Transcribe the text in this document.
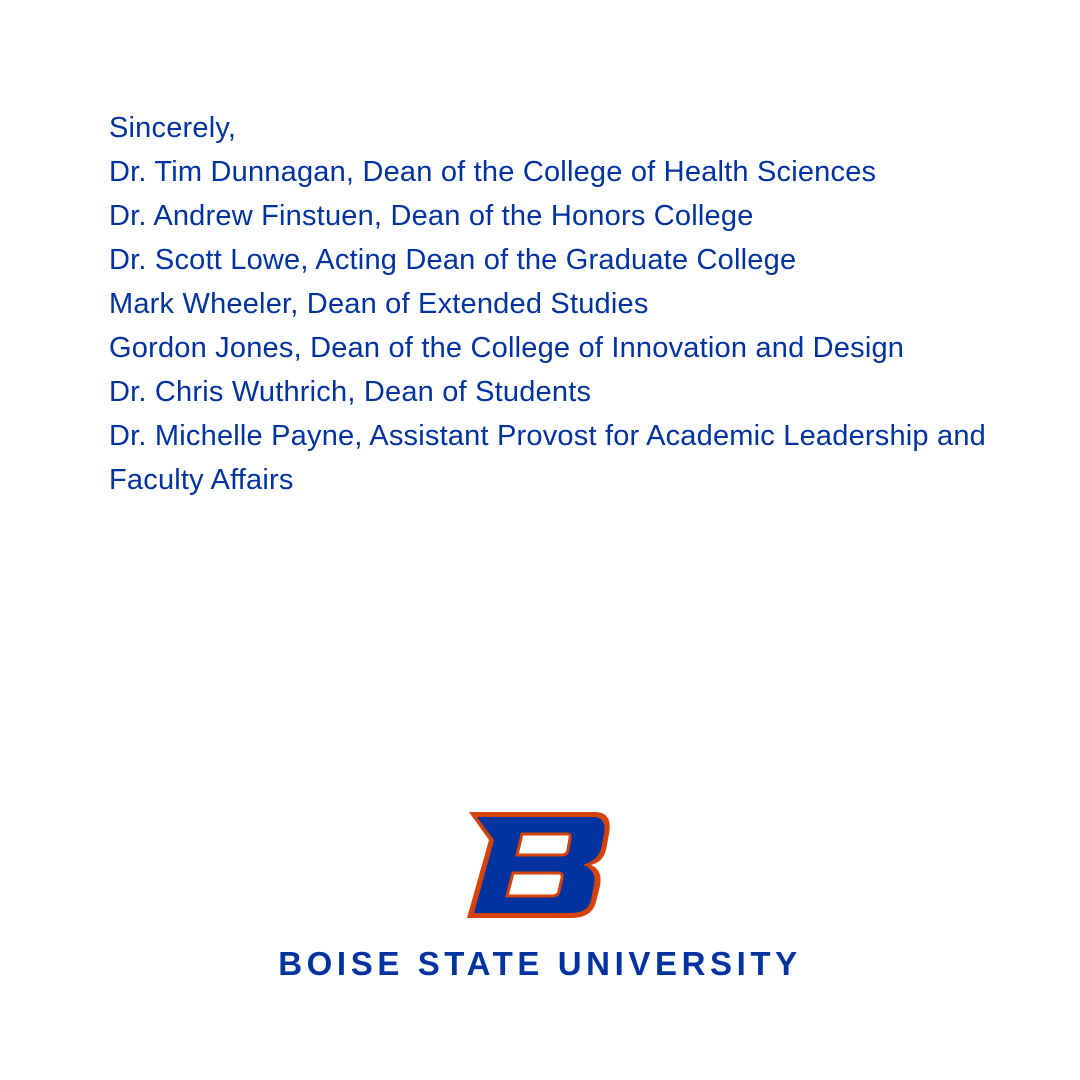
Sincerely,
Dr. Tim Dunnagan, Dean of the College of Health Sciences
Dr. Andrew Finstuen, Dean of the Honors College
Dr. Scott Lowe, Acting Dean of the Graduate College
Mark Wheeler, Dean of Extended Studies
Gordon Jones, Dean of the College of Innovation and Design
Dr. Chris Wuthrich, Dean of Students
Dr. Michelle Payne, Assistant Provost for Academic Leadership and Faculty Affairs
BOISE STATE UNIVERSITY
